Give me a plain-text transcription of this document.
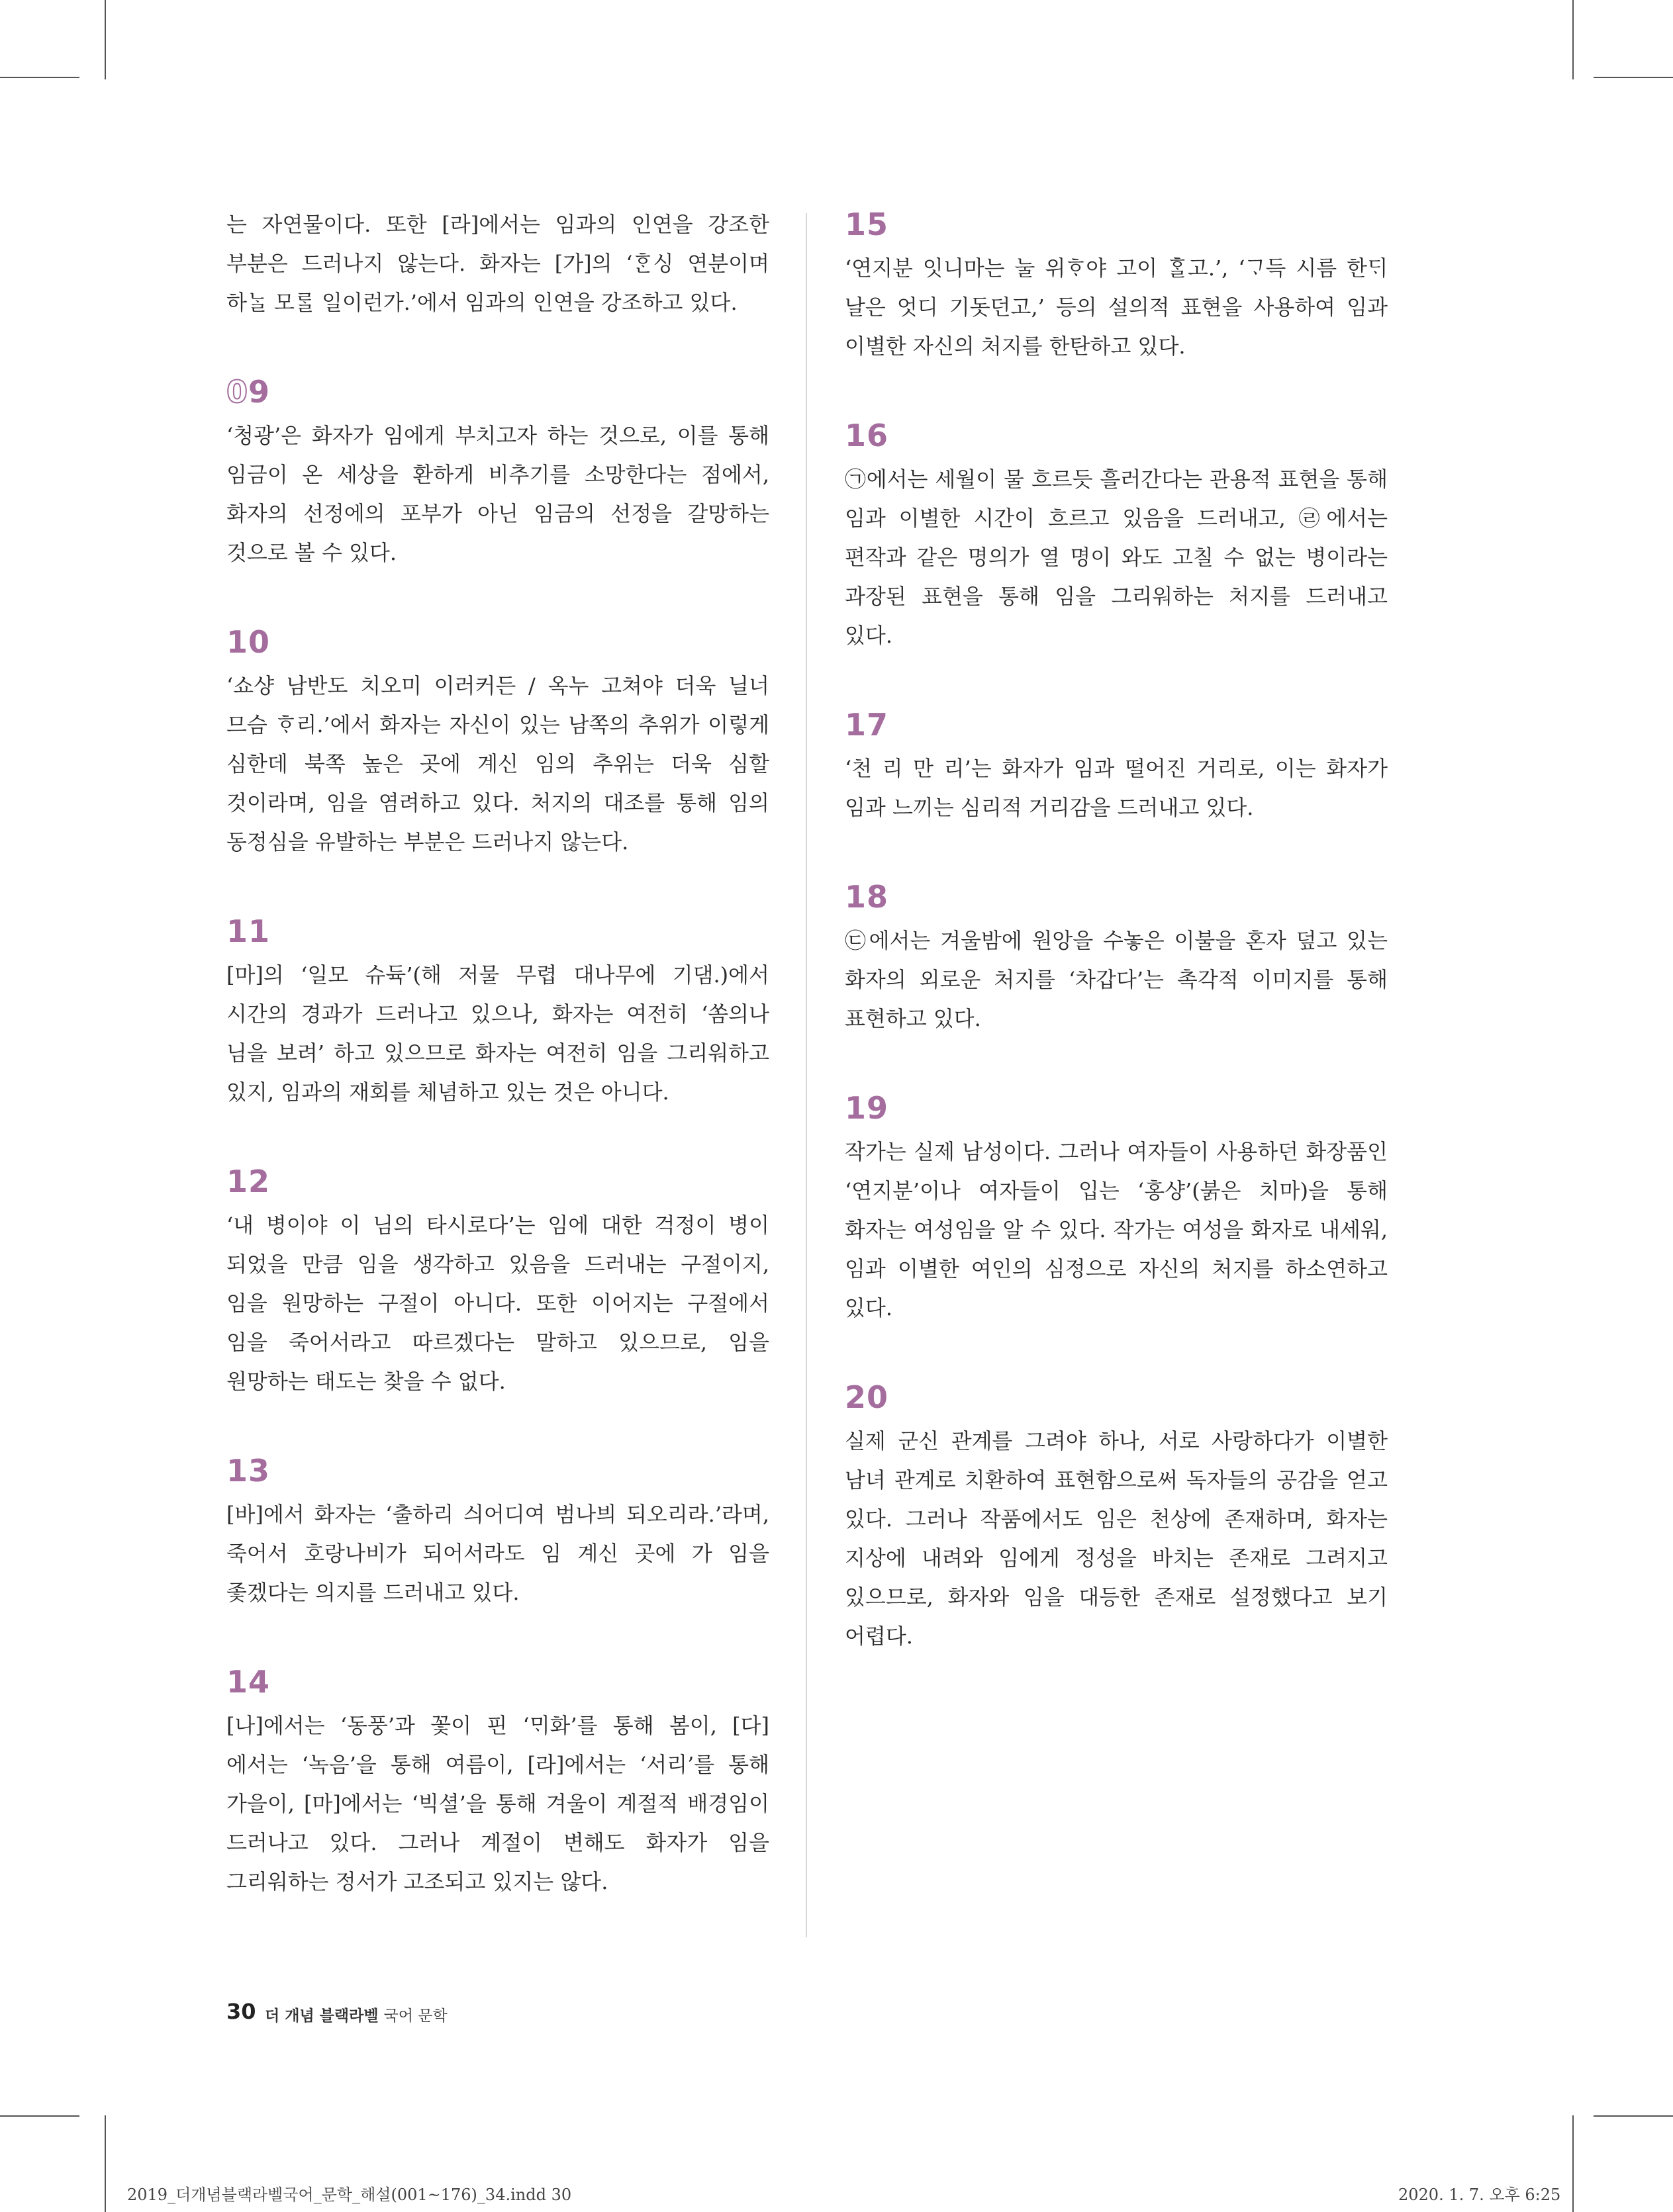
는 자연물이다. 또한 [라]에서는 임과의 인연을 강조한 부분은 드러나지 않는다. 화자는 [가]의 ‘ᄒᆞᆫ싱 연분이며 하ᄂᆞᆯ 모ᄅᆞᆯ 일이런가.’에서 임과의 인연을 강조하고 있다.

09

‘청광’은 화자가 임에게 부치고자 하는 것으로, 이를 통해 임금이 온 세상을 환하게 비추기를 소망한다는 점에서, 화자의 선정에의 포부가 아닌 임금의 선정을 갈망하는 것으로 볼 수 있다.

10

‘쇼샹 남반도 치오미 이러커든 / 옥누 고쳐야 더욱 닐너 므슴 ᄒᆞ리.’에서 화자는 자신이 있는 남쪽의 추위가 이렇게 심한데 북쪽 높은 곳에 계신 임의 추위는 더욱 심할 것이라며, 임을 염려하고 있다. 처지의 대조를 통해 임의 동정심을 유발하는 부분은 드러나지 않는다.

11

[마]의 ‘일모 슈듁’(해 저물 무렵 대나무에 기댐.)에서 시간의 경과가 드러나고 있으나, 화자는 여전히 ‘쏨의나 님을 보려’ 하고 있으므로 화자는 여전히 임을 그리워하고 있지, 임과의 재회를 체념하고 있는 것은 아니다.

12

‘내 병이야 이 님의 타시로다’는 임에 대한 걱정이 병이 되었을 만큼 임을 생각하고 있음을 드러내는 구절이지, 임을 원망하는 구절이 아니다. 또한 이어지는 구절에서 임을 죽어서라고 따르겠다는 말하고 있으므로, 임을 원망하는 태도는 찾을 수 없다.

13

[바]에서 화자는 ‘출하리 싀어디여 범나븨 되오리라.’라며, 죽어서 호랑나비가 되어서라도 임 계신 곳에 가 임을 좇겠다는 의지를 드러내고 있다.

14

[나]에서는 ‘동풍’과 꽃이 핀 ‘ᄆᆡ화’를 통해 봄이, [다]에서는 ‘녹음’을 통해 여름이, [라]에서는 ‘서리’를 통해 가을이, [마]에서는 ‘빅셜’을 통해 겨울이 계절적 배경임이 드러나고 있다. 그러나 계절이 변해도 화자가 임을 그리워하는 정서가 고조되고 있지는 않다.

15

‘연지분 잇니마는 눌 위ᄒᆞ야 고이 ᄒᆞᆯ고.’, ‘ᄀᆞ득 시름 한ᄃᆡ 날은 엇디 기돗던고,’ 등의 설의적 표현을 사용하여 임과 이별한 자신의 처지를 한탄하고 있다.

16

㉠에서는 세월이 물 흐르듯 흘러간다는 관용적 표현을 통해 임과 이별한 시간이 흐르고 있음을 드러내고, ㉣에서는 편작과 같은 명의가 열 명이 와도 고칠 수 없는 병이라는 과장된 표현을 통해 임을 그리워하는 처지를 드러내고 있다.

17

‘천 리 만 리’는 화자가 임과 떨어진 거리로, 이는 화자가 임과 느끼는 심리적 거리감을 드러내고 있다.

18

㉢에서는 겨울밤에 원앙을 수놓은 이불을 혼자 덮고 있는 화자의 외로운 처지를 ‘차갑다’는 촉각적 이미지를 통해 표현하고 있다.

19

작가는 실제 남성이다. 그러나 여자들이 사용하던 화장품인 ‘연지분’이나 여자들이 입는 ‘홍샹’(붉은 치마)을 통해 화자는 여성임을 알 수 있다. 작가는 여성을 화자로 내세워, 임과 이별한 여인의 심정으로 자신의 처지를 하소연하고 있다.

20

실제 군신 관계를 그려야 하나, 서로 사랑하다가 이별한 남녀 관계로 치환하여 표현함으로써 독자들의 공감을 얻고 있다. 그러나 작품에서도 임은 천상에 존재하며, 화자는 지상에 내려와 임에게 정성을 바치는 존재로 그려지고 있으므로, 화자와 임을 대등한 존재로 설정했다고 보기 어렵다.

30 더 개념 블랙라벨 국어 문학
2019_더개념블랙라벨국어_문학_해설(001~176)_34.indd 30	2020. 1. 7. 오후 6:25
